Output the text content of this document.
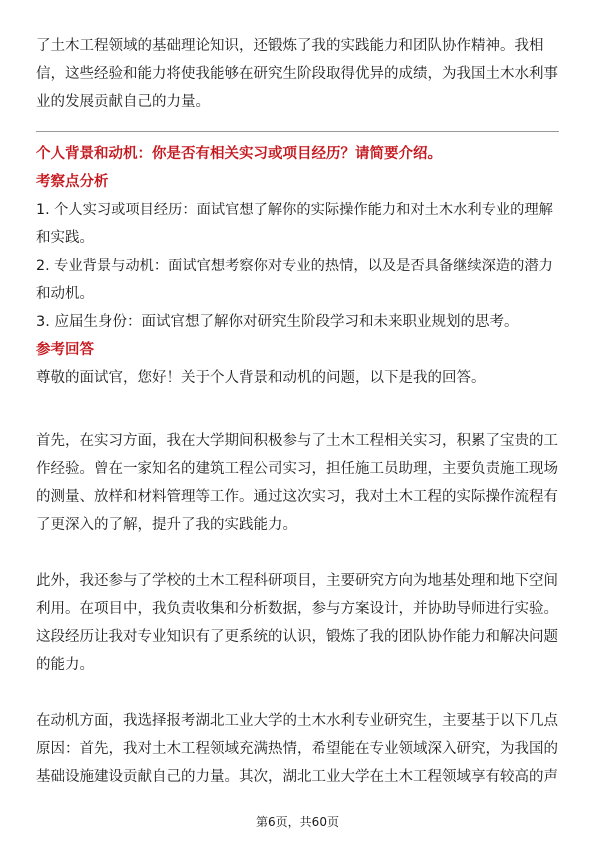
了土木工程领域的基础理论知识，还锻炼了我的实践能力和团队协作精神。我相
信，这些经验和能力将使我能够在研究生阶段取得优异的成绩，为我国土木水利事
业的发展贡献自己的力量。
个人背景和动机：你是否有相关实习或项目经历？请简要介绍。
考察点分析
1. 个人实习或项目经历：面试官想了解你的实际操作能力和对土木水利专业的理解
和实践。
2. 专业背景与动机：面试官想考察你对专业的热情，以及是否具备继续深造的潜力
和动机。
3. 应届生身份：面试官想了解你对研究生阶段学习和未来职业规划的思考。
参考回答
尊敬的面试官，您好！关于个人背景和动机的问题，以下是我的回答。
首先，在实习方面，我在大学期间积极参与了土木工程相关实习，积累了宝贵的工
作经验。曾在一家知名的建筑工程公司实习，担任施工员助理，主要负责施工现场
的测量、放样和材料管理等工作。通过这次实习，我对土木工程的实际操作流程有
了更深入的了解，提升了我的实践能力。
此外，我还参与了学校的土木工程科研项目，主要研究方向为地基处理和地下空间
利用。在项目中，我负责收集和分析数据，参与方案设计，并协助导师进行实验。
这段经历让我对专业知识有了更系统的认识，锻炼了我的团队协作能力和解决问题
的能力。
在动机方面，我选择报考湖北工业大学的土木水利专业研究生，主要基于以下几点
原因：首先，我对土木工程领域充满热情，希望能在专业领域深入研究，为我国的
基础设施建设贡献自己的力量。其次，湖北工业大学在土木工程领域享有较高的声
第6页，共60页
